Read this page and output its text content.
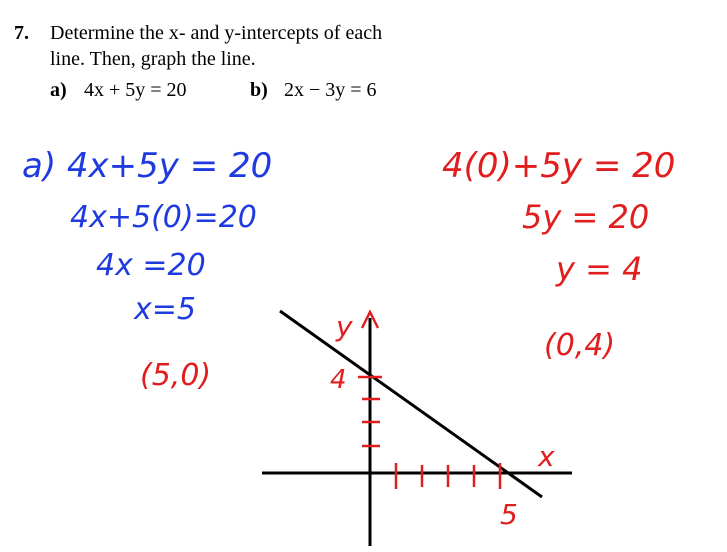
7. Determine the x- and y-intercepts of each
line. Then, graph the line.
a) 4x + 5y = 20	b) 2x − 3y = 6
a) 4x+5y = 20
4x+5(0)=20
4x =20
x=5
(5,0)
4(0)+5y = 20
5y = 20
y = 4
(0,4)
y
x
4
5
